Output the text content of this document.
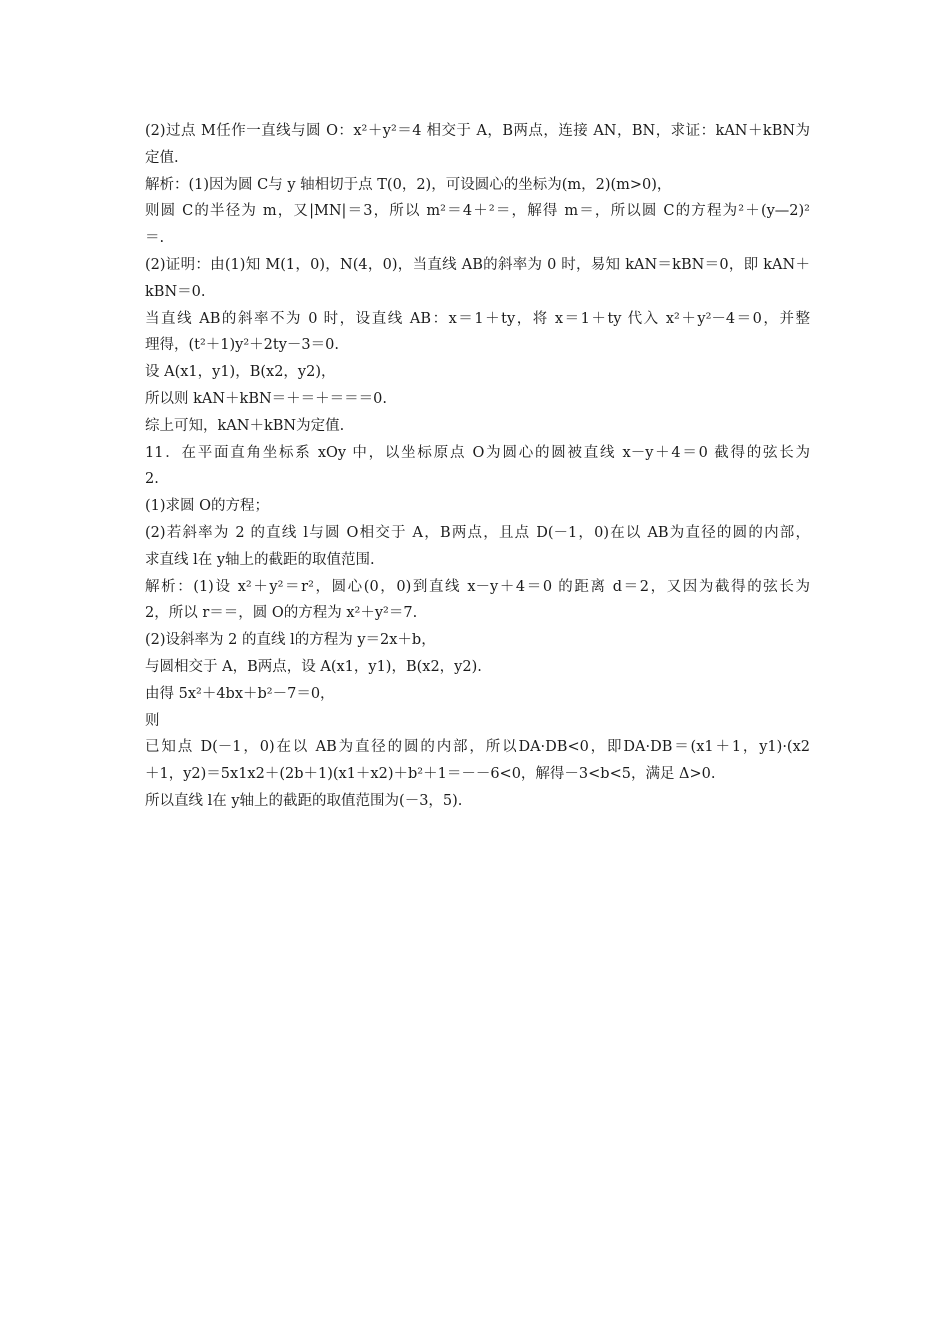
(2)过点 M任作一直线与圆 O：x²＋y²＝4 相交于 A，B两点，连接 AN，BN，求证：kAN＋kBN为
定值.
解析：(1)因为圆 C与 y 轴相切于点 T(0，2)，可设圆心的坐标为(m，2)(m>0)，
则圆 C的半径为 m，又|MN|＝3，所以 m²＝4＋²＝，解得 m＝，所以圆 C的方程为²＋(y—2)²
＝.
(2)证明：由(1)知 M(1，0)，N(4，0)，当直线 AB的斜率为 0 时，易知 kAN＝kBN＝0，即 kAN＋
kBN＝0.
当直线 AB的斜率不为 0 时，设直线 AB：x＝1＋ty，将 x＝1＋ty 代入 x²＋y²－4＝0，并整
理得，(t²＋1)y²＋2ty－3＝0.
设 A(x1，y1)，B(x2，y2)，
所以则 kAN＋kBN＝＋＝＋＝＝＝0.
综上可知，kAN＋kBN为定值.
11．在平面直角坐标系 xOy 中，以坐标原点 O为圆心的圆被直线 x－y＋4＝0 截得的弦长为
2.
(1)求圆 O的方程；
(2)若斜率为 2 的直线 l与圆 O相交于 A，B两点，且点 D(－1，0)在以 AB为直径的圆的内部，
求直线 l在 y轴上的截距的取值范围.
解析：(1)设 x²＋y²＝r²，圆心(0，0)到直线 x－y＋4＝0 的距离 d＝2，又因为截得的弦长为
2，所以 r＝＝，圆 O的方程为 x²＋y²＝7.
(2)设斜率为 2 的直线 l的方程为 y＝2x＋b，
与圆相交于 A，B两点，设 A(x1，y1)，B(x2，y2).
由得 5x²＋4bx＋b²－7＝0，
则
已知点 D(－1，0)在以 AB为直径的圆的内部，所以DA·DB<0，即DA·DB＝(x1＋1，y1)·(x2
＋1，y2)＝5x1x2＋(2b＋1)(x1＋x2)＋b²＋1＝－－6<0，解得－3<b<5，满足 Δ>0.
所以直线 l在 y轴上的截距的取值范围为(－3，5).
